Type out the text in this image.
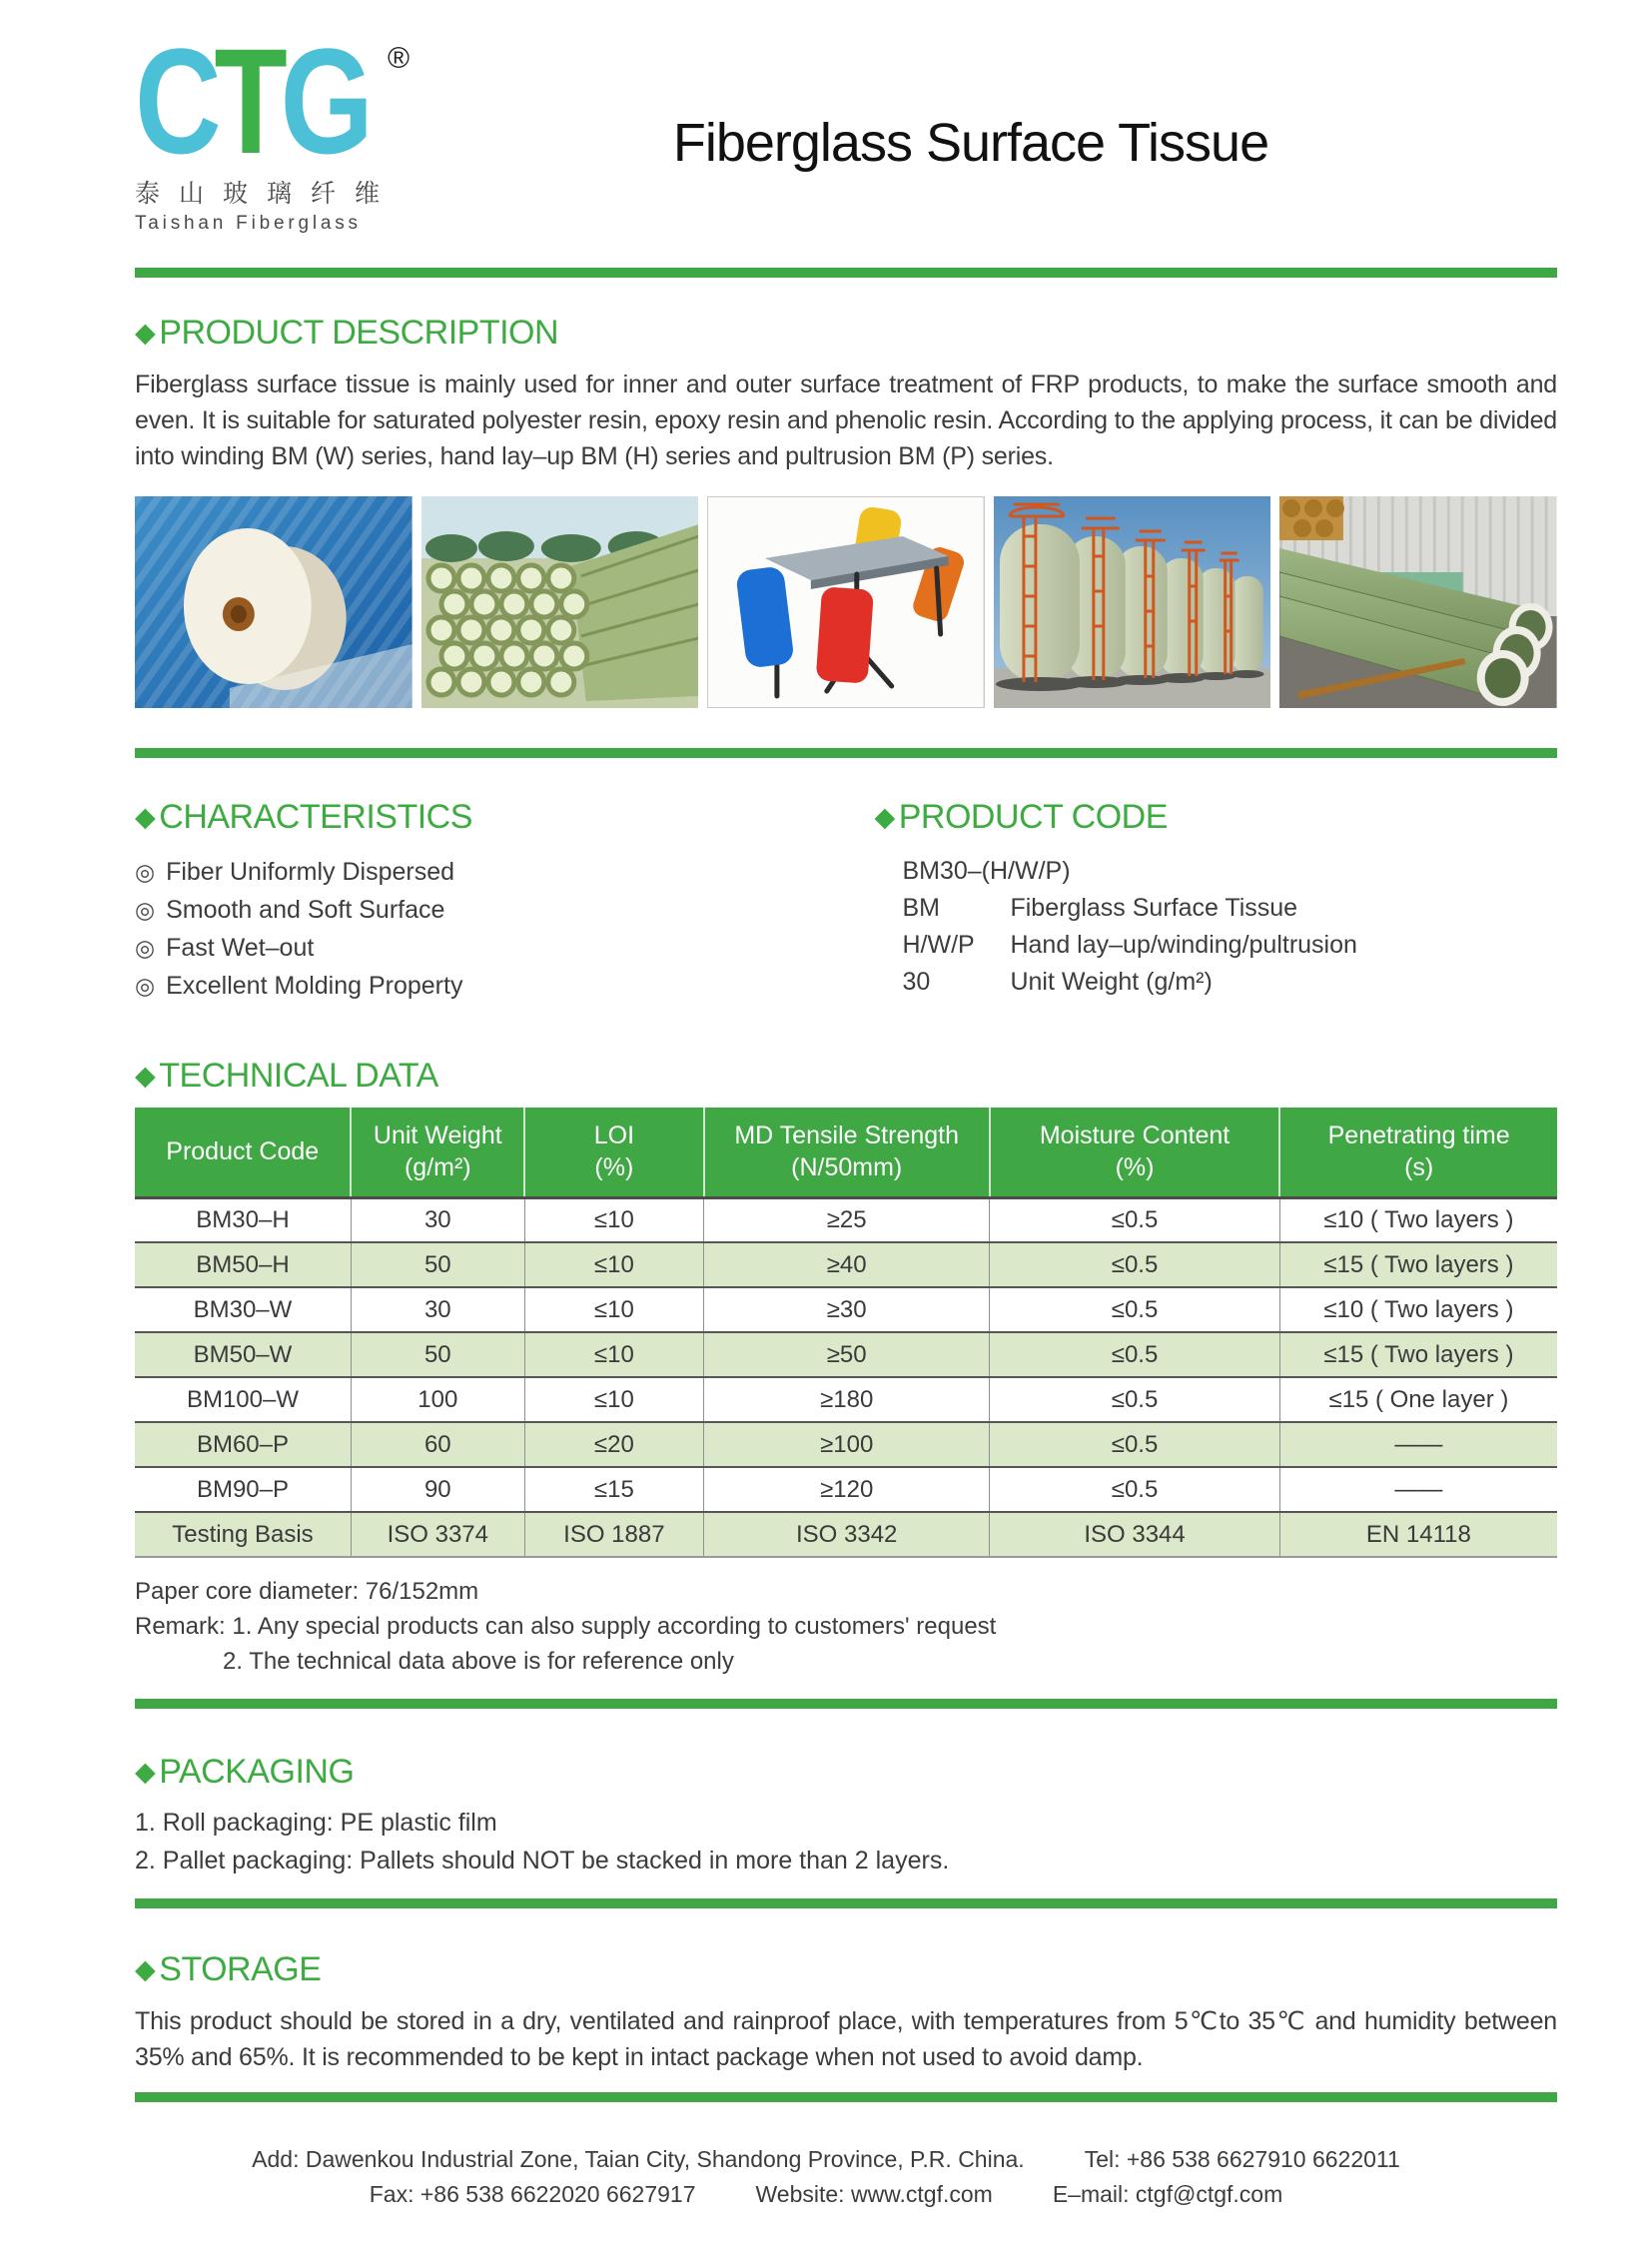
CTG ®
泰山玻璃纤维
Taishan Fiberglass
Fiberglass Surface Tissue
◆ PRODUCT DESCRIPTION

Fiberglass surface tissue is mainly used for inner and outer surface treatment of FRP products, to make the surface smooth and even. It is suitable for saturated polyester resin, epoxy resin and phenolic resin. According to the applying process, it can be divided into winding BM (W) series, hand lay–up BM (H) series and pultrusion BM (P) series.

◆ CHARACTERISTICS
◎ Fiber Uniformly Dispersed
◎ Smooth and Soft Surface
◎ Fast Wet–out
◎ Excellent Molding Property
◆ PRODUCT CODE
BM30–(H/W/P)
BM	Fiberglass Surface Tissue
H/W/P	Hand lay–up/winding/pultrusion
30	Unit Weight (g/m²)
◆ TECHNICAL DATA
Product Code

Unit Weight
(g/m²)

LOI
(%)

MD Tensile Strength
(N/50mm)

Moisture Content
(%)

Penetrating time
(s)

BM30–H	30	≤10	≥25	≤0.5	≤10 ( Two layers )
BM50–H	50	≤10	≥40	≤0.5	≤15 ( Two layers )
BM30–W	30	≤10	≥30	≤0.5	≤10 ( Two layers )
BM50–W	50	≤10	≥50	≤0.5	≤15 ( Two layers )
BM100–W	100	≤10	≥180	≤0.5	≤15 ( One layer )
BM60–P	60	≤20	≥100	≤0.5	——
BM90–P	90	≤15	≥120	≤0.5	——
Testing Basis	ISO 3374	ISO 1887	ISO 3342	ISO 3344	EN 14118
Paper core diameter: 76/152mm
Remark: 1. Any special products can also supply according to customers' request
2. The technical data above is for reference only
◆ PACKAGING
1. Roll packaging: PE plastic film
2. Pallet packaging: Pallets should NOT be stacked in more than 2 layers.
◆ STORAGE

This product should be stored in a dry, ventilated and rainproof place, with temperatures from 5℃to 35℃ and humidity between 35% and 65%. It is recommended to be kept in intact package when not used to avoid damp.

Add: Dawenkou Industrial Zone, Taian City, Shandong Province, P.R. China.	Tel: +86 538 6627910 6622011
Fax: +86 538 6622020 6627917	Website: www.ctgf.com	E–mail: ctgf@ctgf.com
